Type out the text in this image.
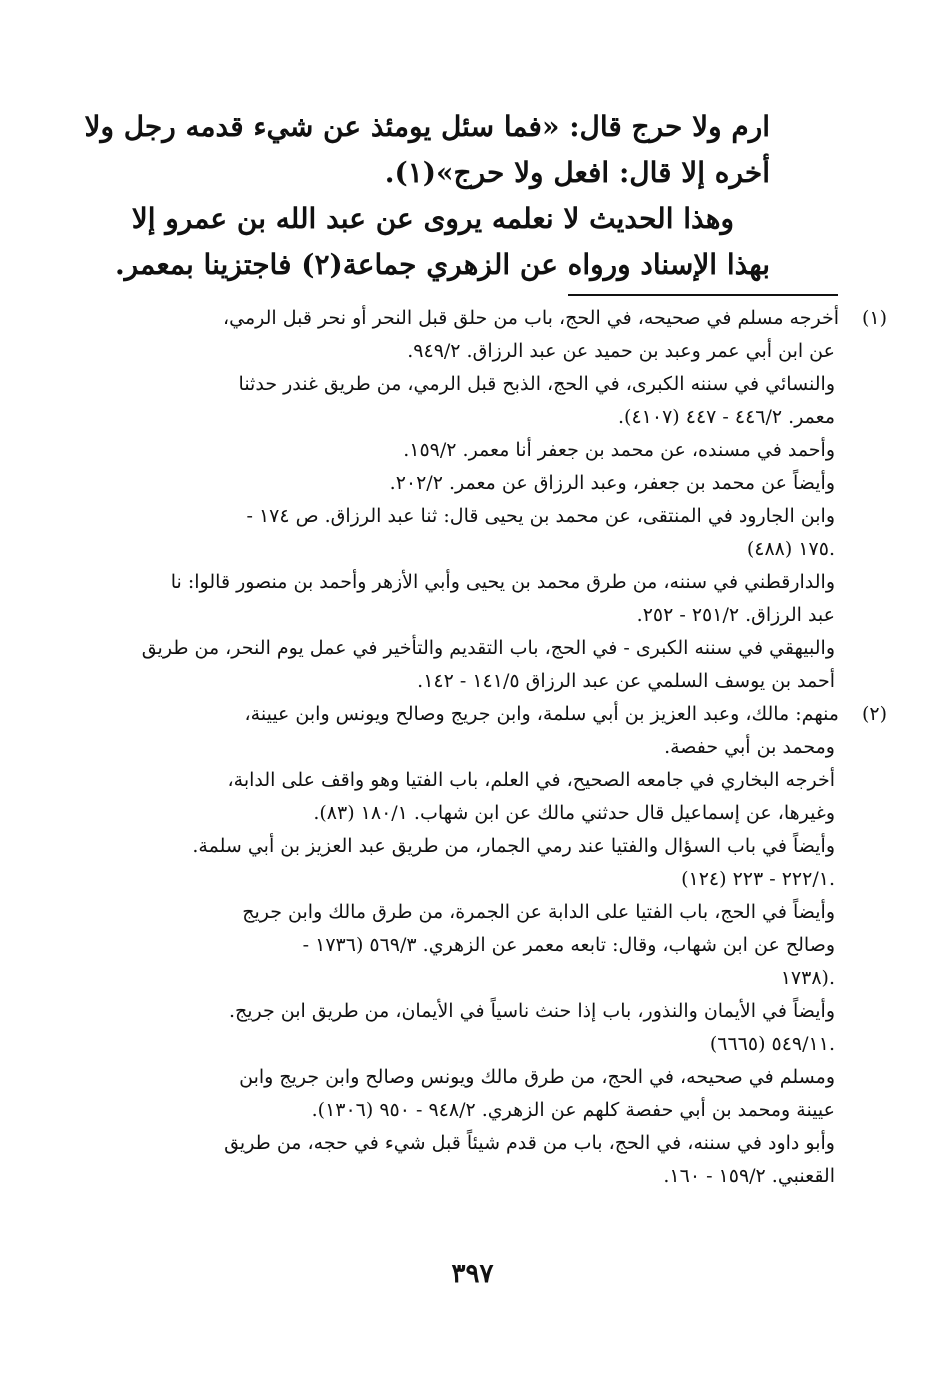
ارم ولا حرج قال: «فما سئل يومئذ عن شيء قدمه رجل ولا
أخره إلا قال: افعل ولا حرج»(١).
وهذا الحديث لا نعلمه يروى عن عبد الله بن عمرو إلا
بهذا الإسناد ورواه عن الزهري جماعة(٢) فاجتزينا بمعمر.
(١)أخرجه مسلم في صحيحه، في الحج، باب من حلق قبل النحر أو نحر قبل الرمي،
عن ابن أبي عمر وعبد بن حميد عن عبد الرزاق. ٩٤٩/٢.
والنسائي في سننه الكبرى، في الحج، الذبح قبل الرمي، من طريق غندر حدثنا
معمر. ٤٤٦/٢ - ٤٤٧ (٤١٠٧).
وأحمد في مسنده، عن محمد بن جعفر أنا معمر. ١٥٩/٢.
وأيضاً عن محمد بن جعفر، وعبد الرزاق عن معمر. ٢٠٢/٢.
وابن الجارود في المنتقى، عن محمد بن يحيى قال: ثنا عبد الرزاق. ص ١٧٤ -
١٧٥ (٤٨٨).
والدارقطني في سننه، من طرق محمد بن يحيى وأبي الأزهر وأحمد بن منصور قالوا: نا
عبد الرزاق. ٢٥١/٢ - ٢٥٢.
والبيهقي في سننه الكبرى - في الحج، باب التقديم والتأخير في عمل يوم النحر، من طريق
أحمد بن يوسف السلمي عن عبد الرزاق ١٤١/٥ - ١٤٢.
(٢)منهم: مالك، وعبد العزيز بن أبي سلمة، وابن جريج وصالح ويونس وابن عيينة،
ومحمد بن أبي حفصة.
أخرجه البخاري في جامعه الصحيح، في العلم، باب الفتيا وهو واقف على الدابة،
وغيرها، عن إسماعيل قال حدثني مالك عن ابن شهاب. ١٨٠/١ (٨٣).
وأيضاً في باب السؤال والفتيا عند رمي الجمار، من طريق عبد العزيز بن أبي سلمة.
٢٢٢/١ - ٢٢٣ (١٢٤).
وأيضاً في الحج، باب الفتيا على الدابة عن الجمرة، من طرق مالك وابن جريج
وصالح عن ابن شهاب، وقال: تابعه معمر عن الزهري. ٥٦٩/٣ (١٧٣٦ -
١٧٣٨).
وأيضاً في الأيمان والنذور، باب إذا حنث ناسياً في الأيمان، من طريق ابن جريج.
٥٤٩/١١ (٦٦٦٥).
ومسلم في صحيحه، في الحج، من طرق مالك ويونس وصالح وابن جريج وابن
عيينة ومحمد بن أبي حفصة كلهم عن الزهري. ٩٤٨/٢ - ٩٥٠ (١٣٠٦).
وأبو داود في سننه، في الحج، باب من قدم شيئاً قبل شيء في حجه، من طريق
القعنبي. ١٥٩/٢ - ١٦٠.
٣٩٧
